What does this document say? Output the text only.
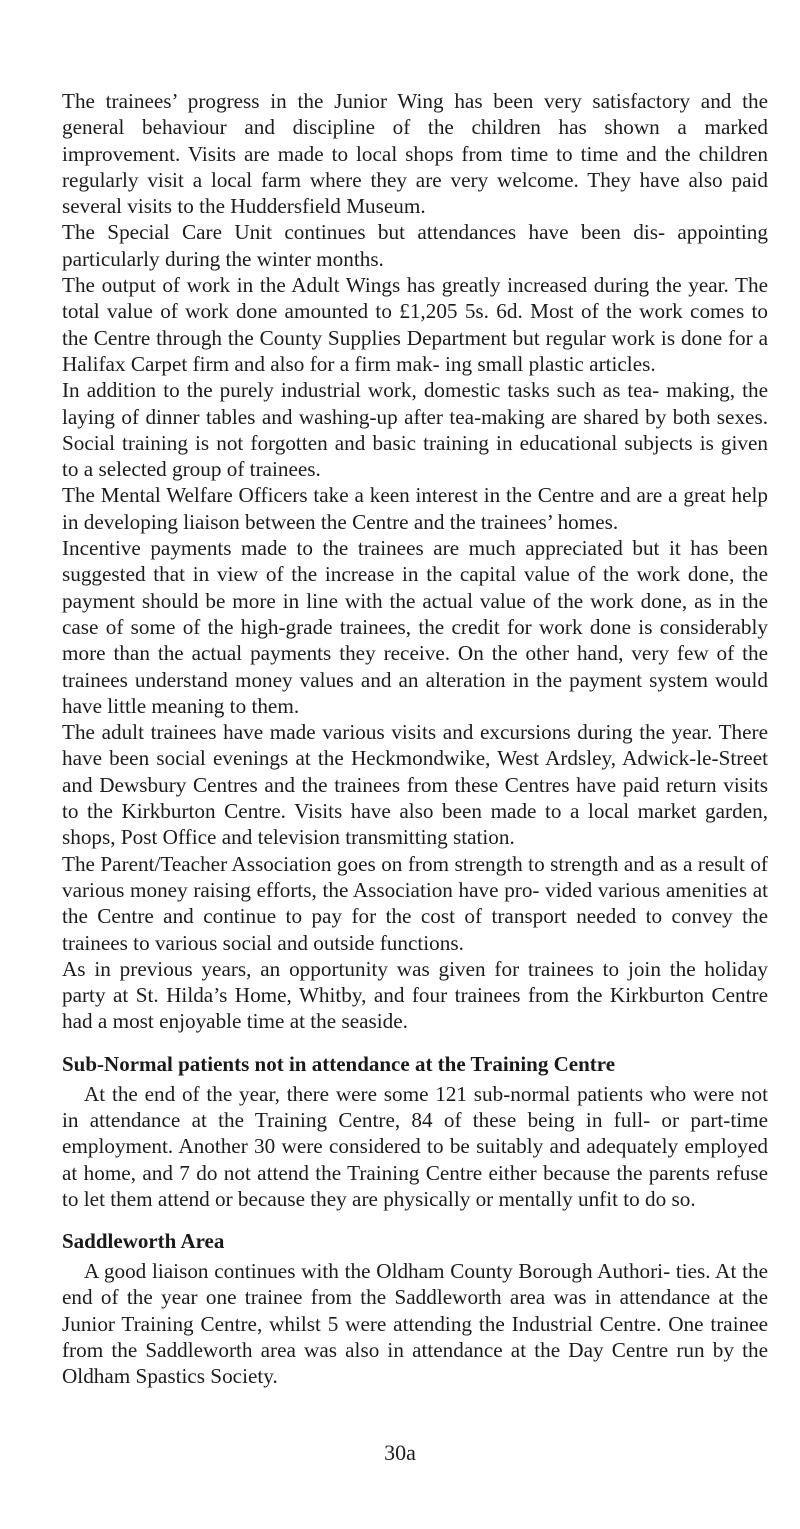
The trainees’ progress in the Junior Wing has been very satisfactory and the general behaviour and discipline of the children has shown a marked improvement. Visits are made to local shops from time to time and the children regularly visit a local farm where they are very welcome. They have also paid several visits to the Huddersfield Museum.

The Special Care Unit continues but attendances have been dis- appointing particularly during the winter months.

The output of work in the Adult Wings has greatly increased during the year. The total value of work done amounted to £1,205 5s. 6d. Most of the work comes to the Centre through the County Supplies Department but regular work is done for a Halifax Carpet firm and also for a firm mak- ing small plastic articles.

In addition to the purely industrial work, domestic tasks such as tea- making, the laying of dinner tables and washing-up after tea-making are shared by both sexes. Social training is not forgotten and basic training in educational subjects is given to a selected group of trainees.

The Mental Welfare Officers take a keen interest in the Centre and are a great help in developing liaison between the Centre and the trainees’ homes.

Incentive payments made to the trainees are much appreciated but it has been suggested that in view of the increase in the capital value of the work done, the payment should be more in line with the actual value of the work done, as in the case of some of the high-grade trainees, the credit for work done is considerably more than the actual payments they receive. On the other hand, very few of the trainees understand money values and an alteration in the payment system would have little meaning to them.

The adult trainees have made various visits and excursions during the year. There have been social evenings at the Heckmondwike, West Ardsley, Adwick-le-Street and Dewsbury Centres and the trainees from these Centres have paid return visits to the Kirkburton Centre. Visits have also been made to a local market garden, shops, Post Office and television transmitting station.

The Parent/Teacher Association goes on from strength to strength and as a result of various money raising efforts, the Association have pro- vided various amenities at the Centre and continue to pay for the cost of transport needed to convey the trainees to various social and outside functions.

As in previous years, an opportunity was given for trainees to join the holiday party at St. Hilda’s Home, Whitby, and four trainees from the Kirkburton Centre had a most enjoyable time at the seaside.

Sub-Normal patients not in attendance at the Training Centre

At the end of the year, there were some 121 sub-normal patients who were not in attendance at the Training Centre, 84 of these being in full- or part-time employment. Another 30 were considered to be suitably and adequately employed at home, and 7 do not attend the Training Centre either because the parents refuse to let them attend or because they are physically or mentally unfit to do so.

Saddleworth Area

A good liaison continues with the Oldham County Borough Authori- ties. At the end of the year one trainee from the Saddleworth area was in attendance at the Junior Training Centre, whilst 5 were attending the Industrial Centre. One trainee from the Saddleworth area was also in attendance at the Day Centre run by the Oldham Spastics Society.

30a
